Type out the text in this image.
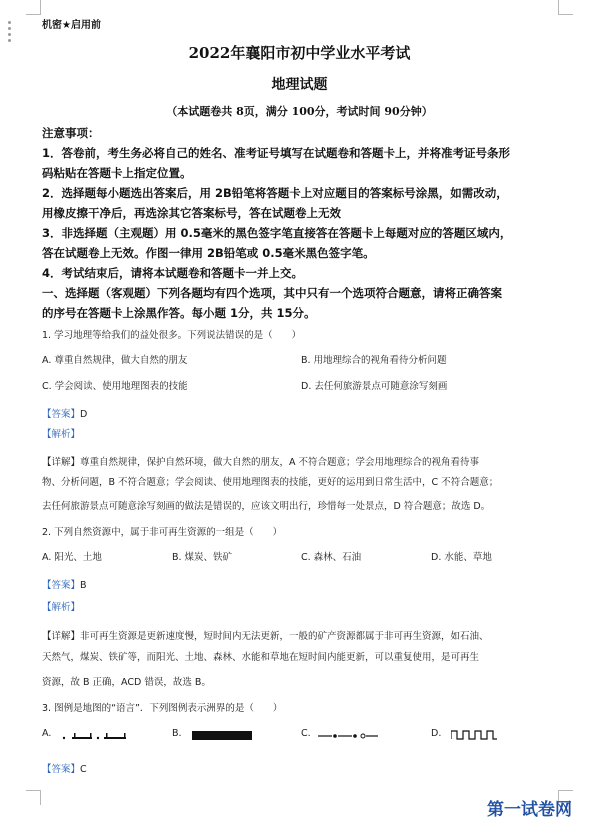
机密★启用前
2022年襄阳市初中学业水平考试
地理试题
（本试题卷共 8页，满分 100分，考试时间 90分钟）
注意事项：
1．答卷前，考生务必将自己的姓名、准考证号填写在试题卷和答题卡上，并将准考证号条形
码粘贴在答题卡上指定位置。
2．选择题每小题选出答案后，用 2B铅笔将答题卡上对应题目的答案标号涂黑，如需改动，
用橡皮擦干净后，再选涂其它答案标号，答在试题卷上无效
3．非选择题（主观题）用 0.5毫米的黑色签字笔直接答在答题卡上每题对应的答题区域内，
答在试题卷上无效。作图一律用 2B铅笔或 0.5毫米黑色签字笔。
4．考试结束后，请将本试题卷和答题卡一并上交。
一、选择题（客观题）下列各题均有四个选项，其中只有一个选项符合题意，请将正确答案
的序号在答题卡上涂黑作答。每小题 1分，共 15分。
1. 学习地理等给我们的益处很多。下列说法错误的是（　　）
A. 尊重自然规律，做大自然的朋友	B. 用地理综合的视角看待分析问题
C. 学会阅读、使用地理图表的技能	D. 去任何旅游景点可随意涂写刻画
【答案】D
【解析】
【详解】尊重自然规律，保护自然环境，做大自然的朋友，A 不符合题意；学会用地理综合的视角看待事
物、分析问题，B 不符合题意；学会阅读、使用地理图表的技能，更好的运用到日常生活中，C 不符合题意；
去任何旅游景点可随意涂写刻画的做法是错误的，应该文明出行，珍惜每一处景点，D 符合题意；故选 D。
2. 下列自然资源中，属于非可再生资源的一组是（　　）
A. 阳光、土地	B. 煤炭、铁矿	C. 森林、石油	D. 水能、草地
【答案】B
【解析】
【详解】非可再生资源是更新速度慢，短时间内无法更新，一般的矿产资源都属于非可再生资源，如石油、
天然气，煤炭、铁矿等，而阳光、土地、森林、水能和草地在短时间内能更新，可以重复使用，是可再生
资源，故 B 正确，ACD 错误，故选 B。
3. 图例是地图的“语言”．下列图例表示洲界的是（　　）
A.	B.	C.	D.
【答案】C
第一试卷网
